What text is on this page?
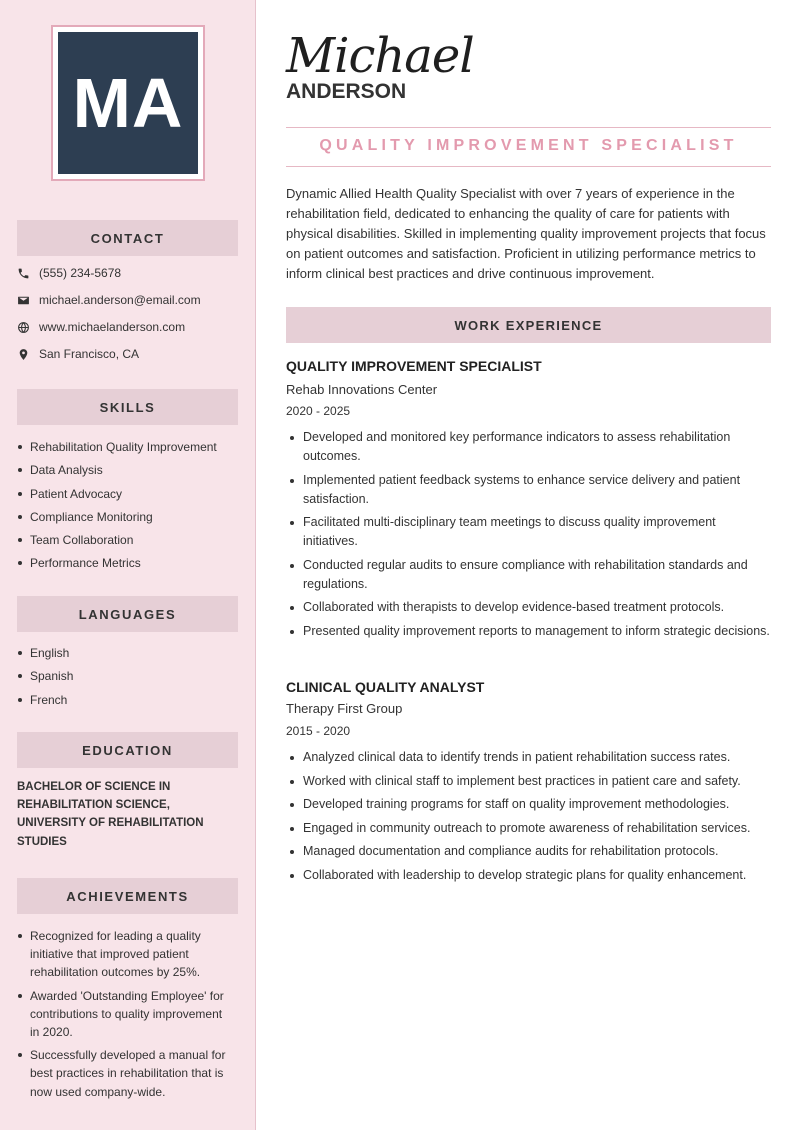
MA
CONTACT
(555) 234-5678
michael.anderson@email.com
www.michaelanderson.com
San Francisco, CA
SKILLS
Rehabilitation Quality Improvement
Data Analysis
Patient Advocacy
Compliance Monitoring
Team Collaboration
Performance Metrics
LANGUAGES
English
Spanish
French
EDUCATION
BACHELOR OF SCIENCE IN REHABILITATION SCIENCE, UNIVERSITY OF REHABILITATION STUDIES
ACHIEVEMENTS
Recognized for leading a quality initiative that improved patient rehabilitation outcomes by 25%.
Awarded 'Outstanding Employee' for contributions to quality improvement in 2020.
Successfully developed a manual for best practices in rehabilitation that is now used company-wide.
Michael
ANDERSON
QUALITY IMPROVEMENT SPECIALIST
Dynamic Allied Health Quality Specialist with over 7 years of experience in the rehabilitation field, dedicated to enhancing the quality of care for patients with physical disabilities. Skilled in implementing quality improvement projects that focus on patient outcomes and satisfaction. Proficient in utilizing performance metrics to inform clinical best practices and drive continuous improvement.
WORK EXPERIENCE
QUALITY IMPROVEMENT SPECIALIST
Rehab Innovations Center
2020 - 2025
Developed and monitored key performance indicators to assess rehabilitation outcomes.
Implemented patient feedback systems to enhance service delivery and patient satisfaction.
Facilitated multi-disciplinary team meetings to discuss quality improvement initiatives.
Conducted regular audits to ensure compliance with rehabilitation standards and regulations.
Collaborated with therapists to develop evidence-based treatment protocols.
Presented quality improvement reports to management to inform strategic decisions.
CLINICAL QUALITY ANALYST
Therapy First Group
2015 - 2020
Analyzed clinical data to identify trends in patient rehabilitation success rates.
Worked with clinical staff to implement best practices in patient care and safety.
Developed training programs for staff on quality improvement methodologies.
Engaged in community outreach to promote awareness of rehabilitation services.
Managed documentation and compliance audits for rehabilitation protocols.
Collaborated with leadership to develop strategic plans for quality enhancement.
